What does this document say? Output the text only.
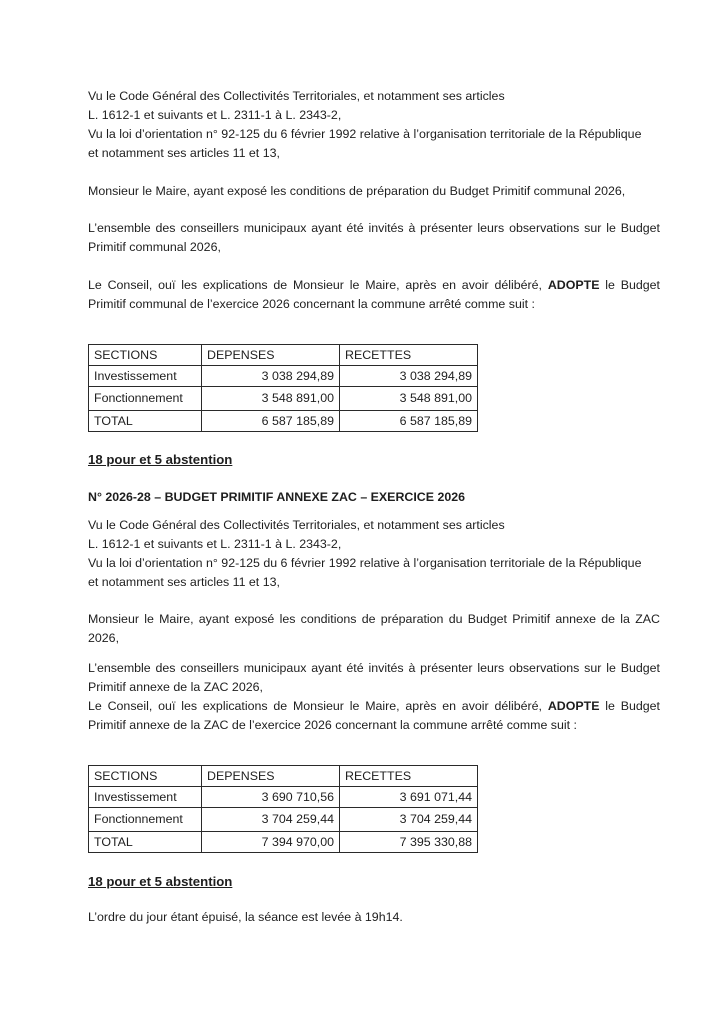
Vu le Code Général des Collectivités Territoriales, et notamment ses articles
L. 1612-1 et suivants et L. 2311-1 à L. 2343-2,
Vu la loi d’orientation n° 92-125 du 6 février 1992 relative à l’organisation territoriale de la République
et notamment ses articles 11 et 13,
Monsieur le Maire, ayant exposé les conditions de préparation du Budget Primitif communal 2026,
L’ensemble des conseillers municipaux ayant été invités à présenter leurs observations sur le Budget
Primitif communal 2026,
Le Conseil, ouï les explications de Monsieur le Maire, après en avoir délibéré, ADOPTE le Budget
Primitif communal de l’exercice 2026 concernant la commune arrêté comme suit :
SECTIONS	DEPENSES	RECETTES
Investissement	3 038 294,89	3 038 294,89
Fonctionnement	3 548 891,00	3 548 891,00
TOTAL	6 587 185,89	6 587 185,89
18 pour et 5 abstention
N° 2026-28 – BUDGET PRIMITIF ANNEXE ZAC – EXERCICE 2026
Vu le Code Général des Collectivités Territoriales, et notamment ses articles
L. 1612-1 et suivants et L. 2311-1 à L. 2343-2,
Vu la loi d’orientation n° 92-125 du 6 février 1992 relative à l’organisation territoriale de la République
et notamment ses articles 11 et 13,
Monsieur le Maire, ayant exposé les conditions de préparation du Budget Primitif annexe de la ZAC
2026,
L’ensemble des conseillers municipaux ayant été invités à présenter leurs observations sur le Budget
Primitif annexe de la ZAC 2026,
Le Conseil, ouï les explications de Monsieur le Maire, après en avoir délibéré, ADOPTE le Budget
Primitif annexe de la ZAC de l’exercice 2026 concernant la commune arrêté comme suit :
SECTIONS	DEPENSES	RECETTES
Investissement	3 690 710,56	3 691 071,44
Fonctionnement	3 704 259,44	3 704 259,44
TOTAL	7 394 970,00	7 395 330,88
18 pour et 5 abstention
L’ordre du jour étant épuisé, la séance est levée à 19h14.
